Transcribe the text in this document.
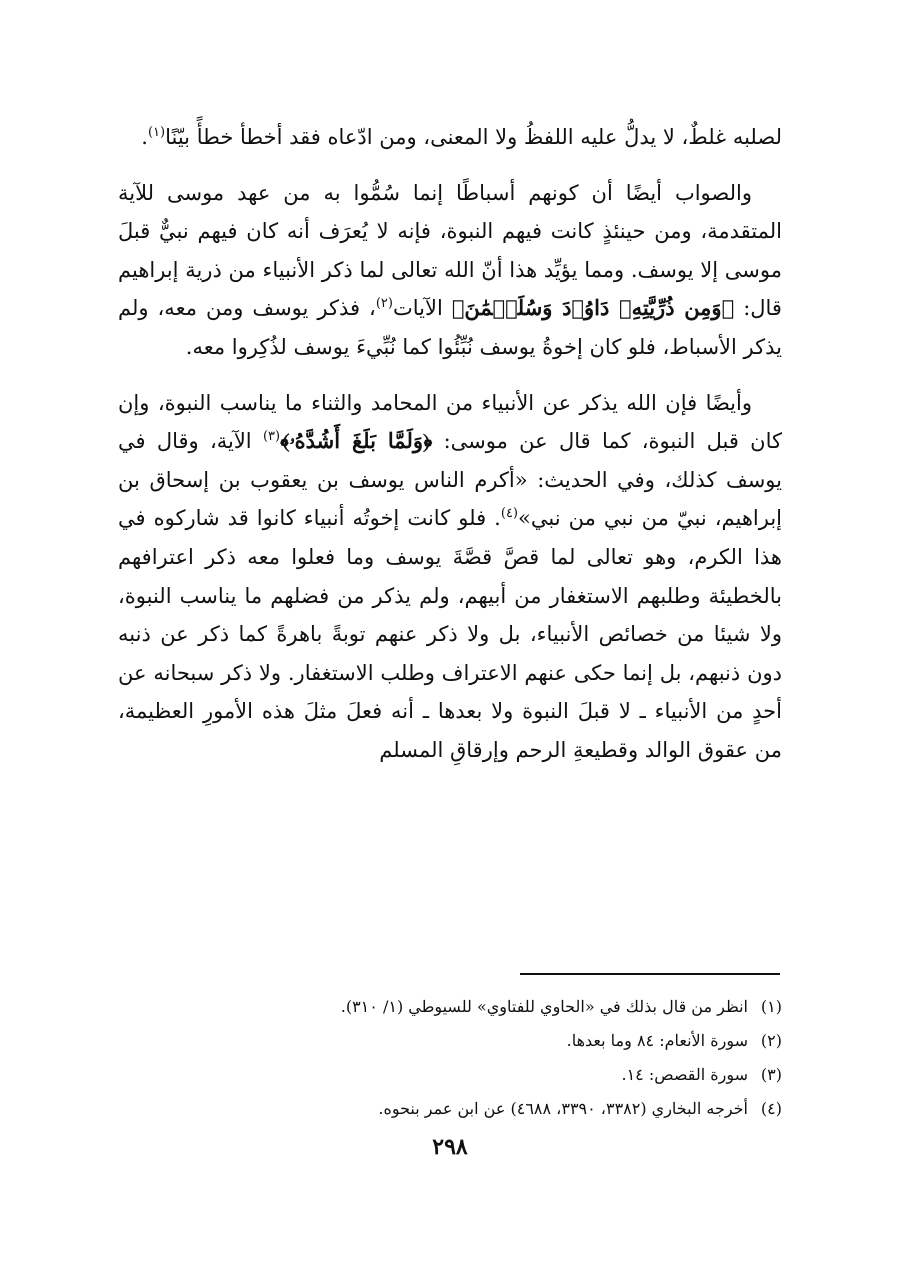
لصلبه غلطٌ، لا يدلُّ عليه اللفظُ ولا المعنى، ومن ادّعاه فقد أخطأ خطأً بيّنًا$^{(١)}$.

والصواب أيضًا أن كونهم أسباطًا إنما سُمُّوا به من عهد موسى للآية المتقدمة، ومن حينئذٍ كانت فيهم النبوة، فإنه لا يُعرَف أنه كان فيهم نبيٌّ قبلَ موسى إلا يوسف. ومما يؤيِّد هذا أنّ الله تعالى لما ذكر الأنبياء من ذرية إبراهيم قال: ﴿وَمِن ذُرِّيَّتِهِۦ دَاوُۥدَ وَسُلَيۡمَٰنَ﴾ الآيات$^{(٢)}$، فذكر يوسف ومن معه، ولم يذكر الأسباط، فلو كان إخوةُ يوسف نُبِّئُوا كما نُبِّيءَ يوسف لذُكِروا معه.

وأيضًا فإن الله يذكر عن الأنبياء من المحامد والثناء ما يناسب النبوة، وإن كان قبل النبوة، كما قال عن موسى: ﴿وَلَمَّا بَلَغَ أَشُدَّهُۥ﴾$^{(٣)}$ الآية، وقال في يوسف كذلك، وفي الحديث: «أكرم الناس يوسف بن يعقوب بن إسحاق بن إبراهيم، نبيّ من نبي من نبي»$^{(٤)}$. فلو كانت إخوتُه أنبياء كانوا قد شاركوه في هذا الكرم، وهو تعالى لما قصَّ قصَّةَ يوسف وما فعلوا معه ذكر اعترافهم بالخطيئة وطلبهم الاستغفار من أبيهم، ولم يذكر من فضلهم ما يناسب النبوة، ولا شيئا من خصائص الأنبياء، بل ولا ذكر عنهم توبةً باهرةً كما ذكر عن ذنبه دون ذنبهم، بل إنما حكى عنهم الاعتراف وطلب الاستغفار. ولا ذكر سبحانه عن أحدٍ من الأنبياء ـ لا قبلَ النبوة ولا بعدها ـ أنه فعلَ مثلَ هذه الأمورِ العظيمة، من عقوق الوالد وقطيعةِ الرحم وإرقاقِ المسلم

(١)انظر من قال بذلك في «الحاوي للفتاوي» للسيوطي (١/ ٣١٠).

(٢)سورة الأنعام: ٨٤ وما بعدها.

(٣)سورة القصص: ١٤.

(٤)أخرجه البخاري (٣٣٨٢، ٣٣٩٠، ٤٦٨٨) عن ابن عمر بنحوه.

٢٩٨
